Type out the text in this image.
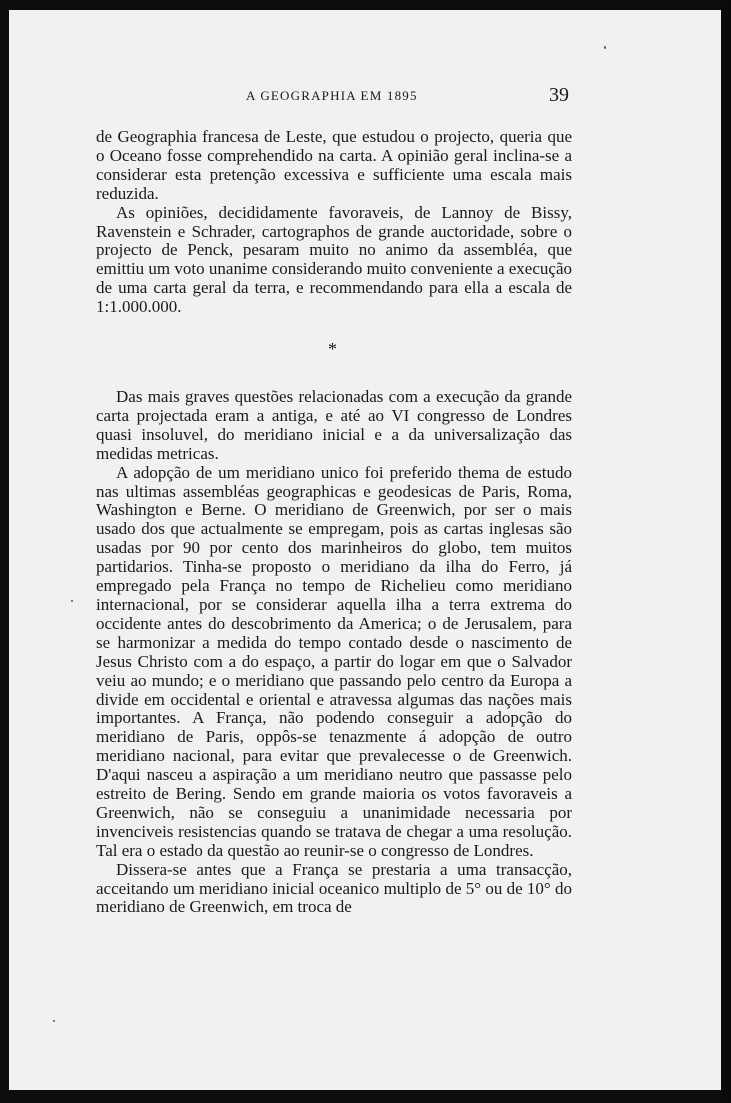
A GEOGRAPHIA EM 1895	39

de Geographia francesa de Leste, que estudou o projecto, queria que o Oceano fosse comprehendido na carta. A opinião geral inclina-se a considerar esta pretenção excessiva e sufficiente uma escala mais reduzida.

As opiniões, decididamente favoraveis, de Lannoy de Bissy, Ravenstein e Schrader, cartographos de grande auctoridade, sobre o projecto de Penck, pesaram muito no animo da assembléa, que emittiu um voto unanime considerando muito conveniente a execução de uma carta geral da terra, e recommendando para ella a escala de 1:1.000.000.

*

Das mais graves questões relacionadas com a execução da grande carta projectada eram a antiga, e até ao VI congresso de Londres quasi insoluvel, do meridiano inicial e a da universalização das medidas metricas.

A adopção de um meridiano unico foi preferido thema de estudo nas ultimas assembléas geographicas e geodesicas de Paris, Roma, Washington e Berne. O meridiano de Greenwich, por ser o mais usado dos que actualmente se empregam, pois as cartas inglesas são usadas por 90 por cento dos marinheiros do globo, tem muitos partidarios. Tinha-se proposto o meridiano da ilha do Ferro, já empregado pela França no tempo de Richelieu como meridiano internacional, por se considerar aquella ilha a terra extrema do occidente antes do descobrimento da America; o de Jerusalem, para se harmonizar a medida do tempo contado desde o nascimento de Jesus Christo com a do espaço, a partir do logar em que o Salvador veiu ao mundo; e o meridiano que passando pelo centro da Europa a divide em occidental e oriental e atravessa algumas das nações mais importantes. A França, não podendo conseguir a adopção do meridiano de Paris, oppôs-se tenazmente á adopção de outro meridiano nacional, para evitar que prevalecesse o de Greenwich. D'aqui nasceu a aspiração a um meridiano neutro que passasse pelo estreito de Bering. Sendo em grande maioria os votos favoraveis a Greenwich, não se conseguiu a unanimidade necessaria por invenciveis resistencias quando se tratava de chegar a uma resolução. Tal era o estado da questão ao reunir-se o congresso de Londres.

Dissera-se antes que a França se prestaria a uma transacção, acceitando um meridiano inicial oceanico multiplo de 5° ou de 10° do meridiano de Greenwich, em troca de
